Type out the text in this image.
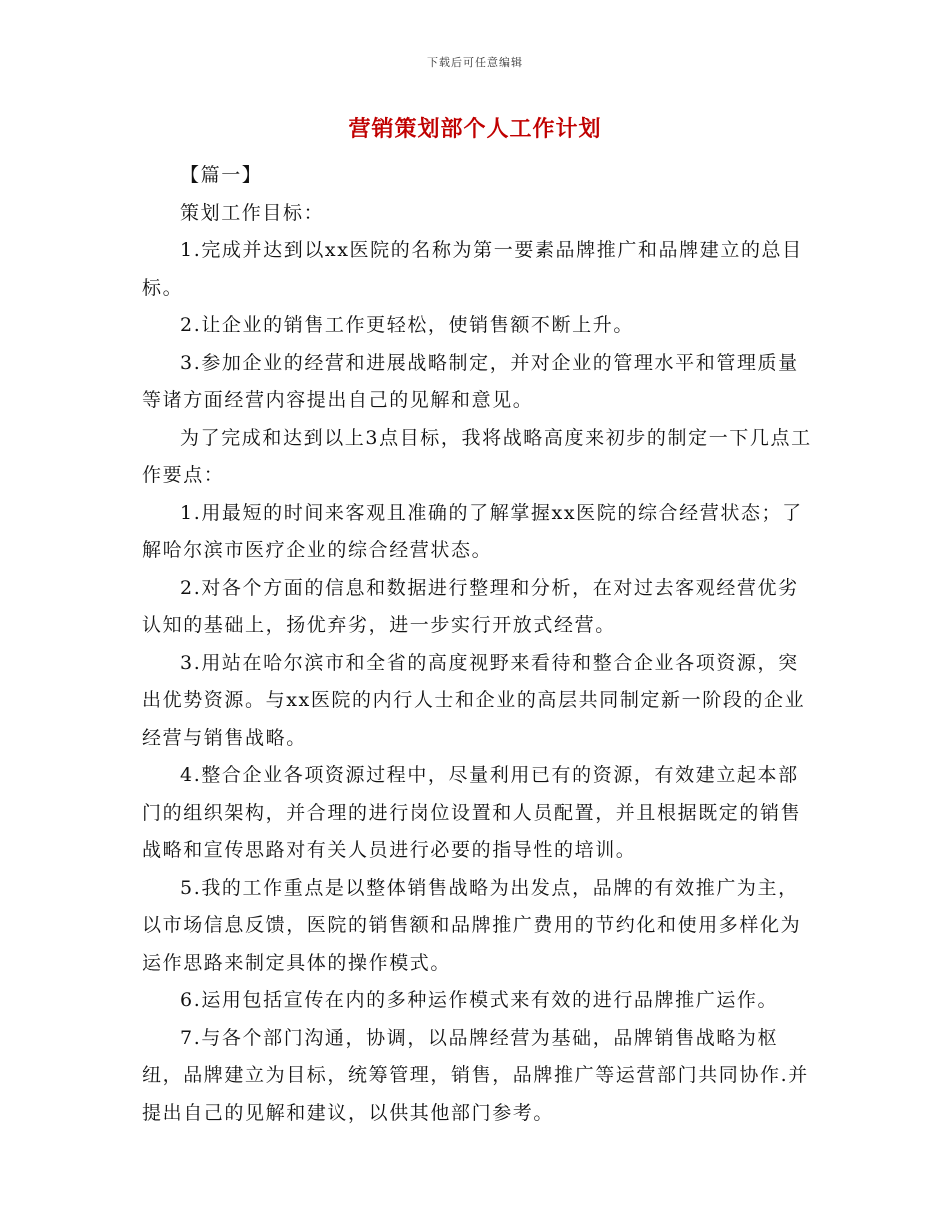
下载后可任意编辑
营销策划部个人工作计划

【篇一】

策划工作目标：

1.完成并达到以xx医院的名称为第一要素品牌推广和品牌建立的总目标。

2.让企业的销售工作更轻松，使销售额不断上升。

3.参加企业的经营和进展战略制定，并对企业的管理水平和管理质量等诸方面经营内容提出自己的见解和意见。

为了完成和达到以上3点目标，我将战略高度来初步的制定一下几点工作要点：

1.用最短的时间来客观且准确的了解掌握xx医院的综合经营状态；了解哈尔滨市医疗企业的综合经营状态。

2.对各个方面的信息和数据进行整理和分析，在对过去客观经营优劣认知的基础上，扬优弃劣，进一步实行开放式经营。

3.用站在哈尔滨市和全省的高度视野来看待和整合企业各项资源，突出优势资源。与xx医院的内行人士和企业的高层共同制定新一阶段的企业经营与销售战略。

4.整合企业各项资源过程中，尽量利用已有的资源，有效建立起本部门的组织架构，并合理的进行岗位设置和人员配置，并且根据既定的销售战略和宣传思路对有关人员进行必要的指导性的培训。

5.我的工作重点是以整体销售战略为出发点，品牌的有效推广为主，以市场信息反馈，医院的销售额和品牌推广费用的节约化和使用多样化为运作思路来制定具体的操作模式。

6.运用包括宣传在内的多种运作模式来有效的进行品牌推广运作。

7.与各个部门沟通，协调，以品牌经营为基础，品牌销售战略为枢纽，品牌建立为目标，统筹管理，销售，品牌推广等运营部门共同协作.并提出自己的见解和建议，以供其他部门参考。
